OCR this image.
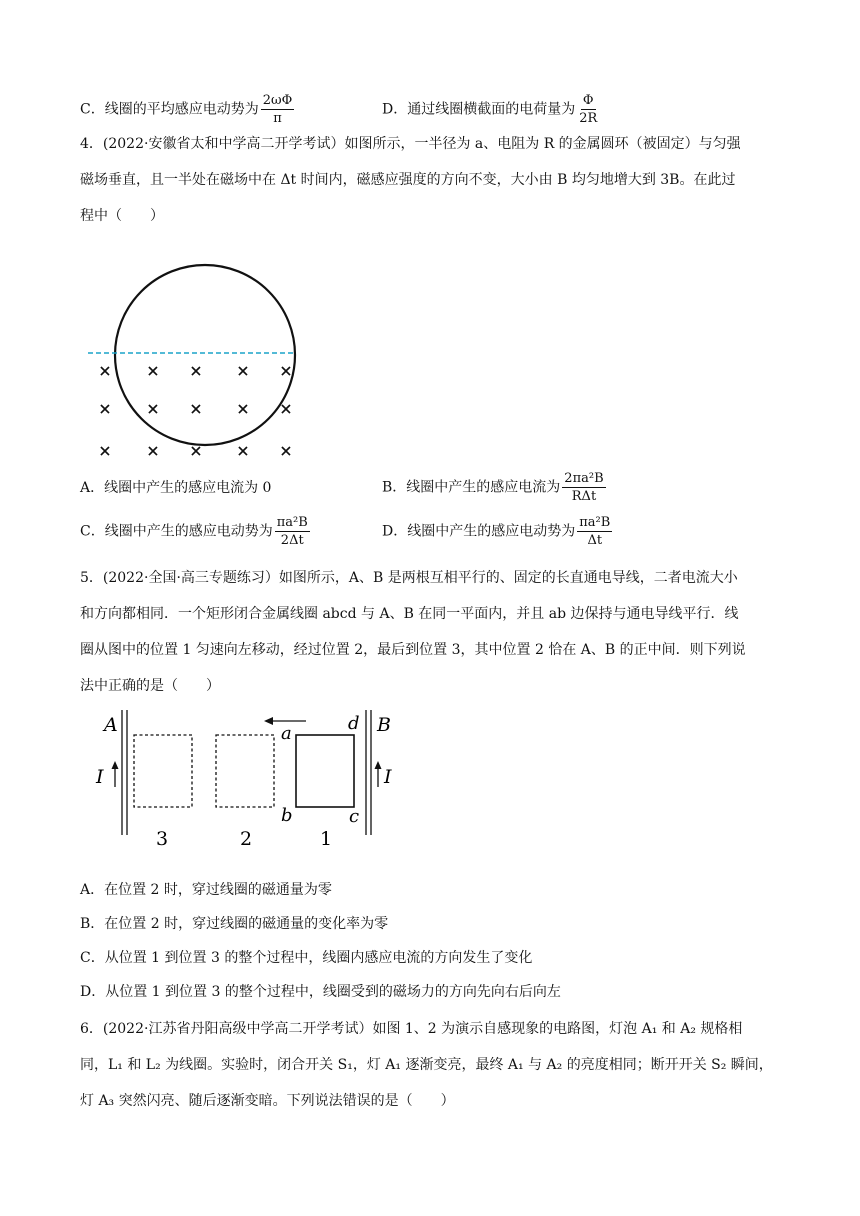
C．线圈的平均感应电动势为 $\frac{2\omega\Phi}{\pi}$	D．通过线圈横截面的电荷量为 $\frac{\Phi}{2R}$
4．(2022·安徽省太和中学高二开学考试）如图所示，一半径为 a、电阻为 R 的金属圆环（被固定）与匀强
磁场垂直，且一半处在磁场中在 Δt 时间内，磁感应强度的方向不变，大小由 B 均匀地增大到 3B。在此过
程中（　　）
× × × × ×
× × × × ×
× × × × ×
A．线圈中产生的感应电流为 0	B．线圈中产生的感应电流为 $\frac{\text{2πa²B}}{\text{RΔt}}$
C．线圈中产生的感应电动势为 $\frac{\text{πa²B}}{2\Delta t}$	D．线圈中产生的感应电动势为 $\frac{\text{πa²B}}{\Delta t}$
5．(2022·全国·高三专题练习）如图所示，A、B 是两根互相平行的、固定的长直通电导线，二者电流大小
和方向都相同．一个矩形闭合金属线圈 abcd 与 A、B 在同一平面内，并且 ab 边保持与通电导线平行．线
圈从图中的位置 1 匀速向左移动，经过位置 2，最后到位置 3，其中位置 2 恰在 A、B 的正中间．则下列说
法中正确的是（　　）
A
I
B
I
a	d
b	c
3	2	1
A．在位置 2 时，穿过线圈的磁通量为零
B．在位置 2 时，穿过线圈的磁通量的变化率为零
C．从位置 1 到位置 3 的整个过程中，线圈内感应电流的方向发生了变化
D．从位置 1 到位置 3 的整个过程中，线圈受到的磁场力的方向先向右后向左
6．(2022·江苏省丹阳高级中学高二开学考试）如图 1、2 为演示自感现象的电路图，灯泡 A₁ 和 A₂ 规格相
同，L₁ 和 L₂ 为线圈。实验时，闭合开关 S₁，灯 A₁ 逐渐变亮，最终 A₁ 与 A₂ 的亮度相同；断开开关 S₂ 瞬间，
灯 A₃ 突然闪亮、随后逐渐变暗。下列说法错误的是（　　）
